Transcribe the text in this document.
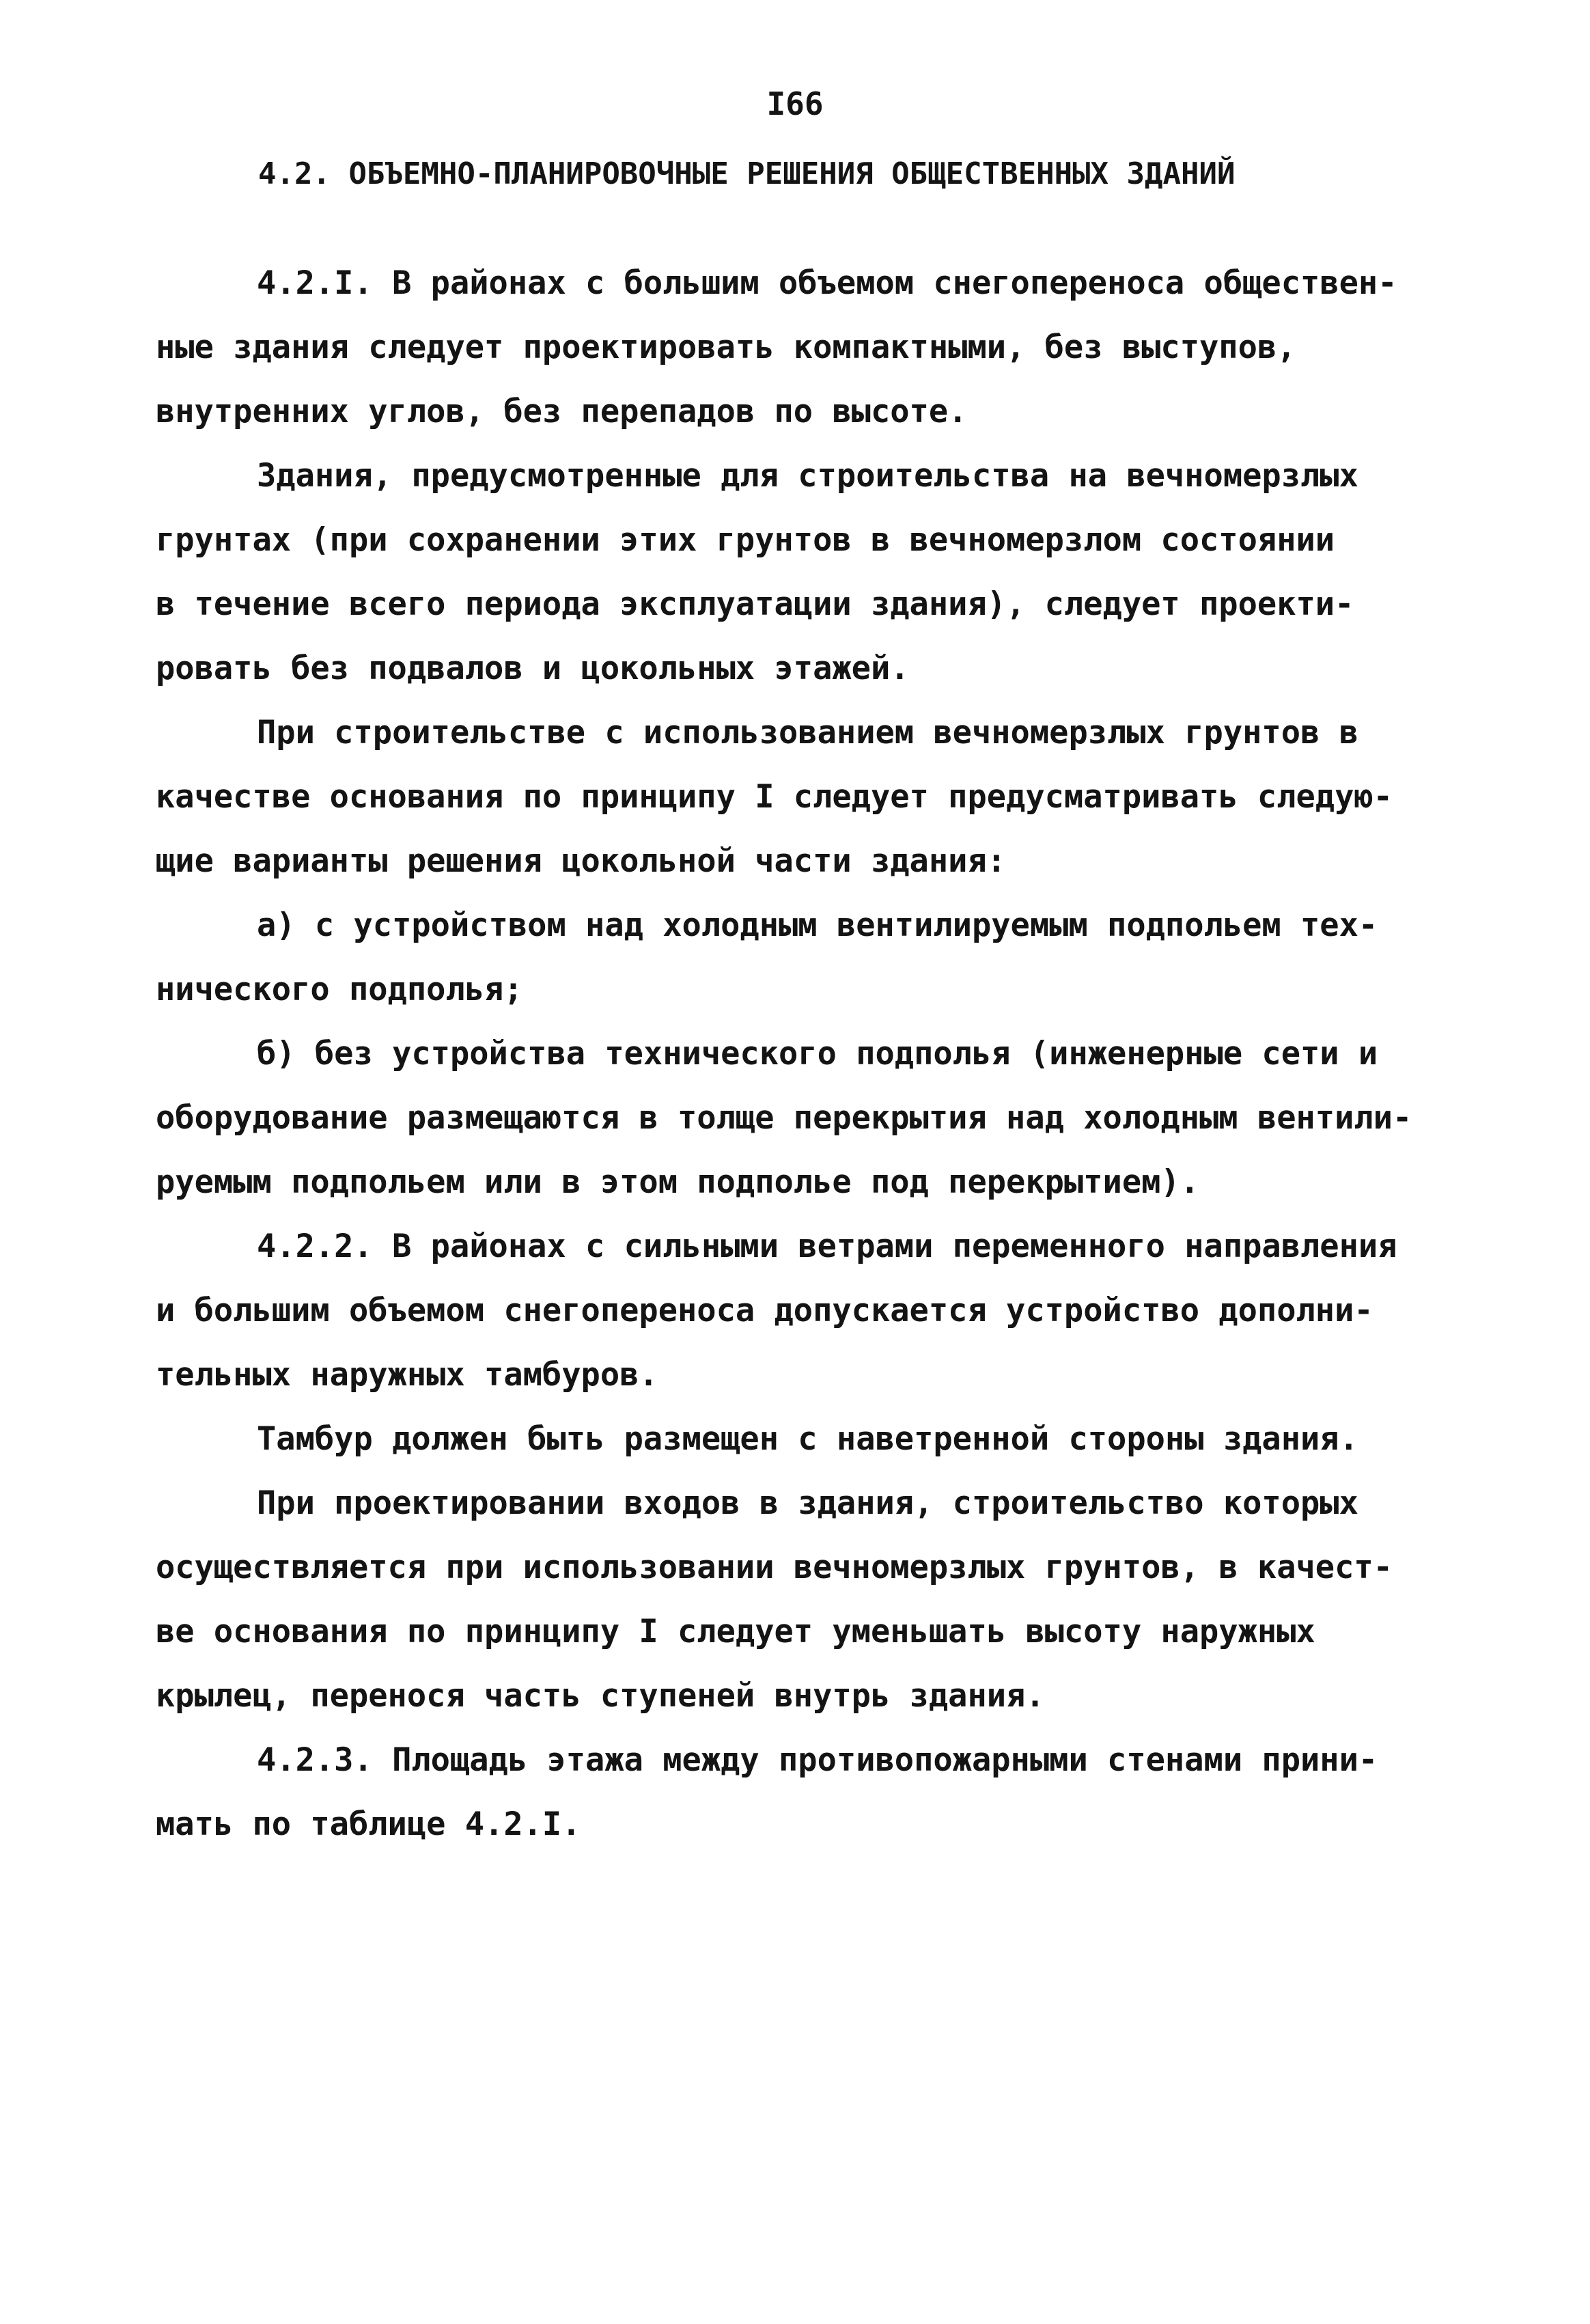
I66
4.2. ОБЪЕМНО-ПЛАНИРОВОЧНЫЕ РЕШЕНИЯ ОБЩЕСТВЕННЫХ ЗДАНИЙ
4.2.I. В районах с большим объемом снегопереноса обществен-
ные здания следует проектировать компактными, без выступов,
внутренних углов, без перепадов по высоте.
Здания, предусмотренные для строительства на вечномерзлых
грунтах (при сохранении этих грунтов в вечномерзлом состоянии
в течение всего периода эксплуатации здания), следует проекти-
ровать без подвалов и цокольных этажей.
При строительстве с использованием вечномерзлых грунтов в
качестве основания по принципу I следует предусматривать следую-
щие варианты решения цокольной части здания:
а) с устройством над холодным вентилируемым подпольем тех-
нического подполья;
б) без устройства технического подполья (инженерные сети и
оборудование размещаются в толще перекрытия над холодным вентили-
руемым подпольем или в этом подполье под перекрытием).
4.2.2. В районах с сильными ветрами переменного направления
и большим объемом снегопереноса допускается устройство дополни-
тельных наружных тамбуров.
Тамбур должен быть размещен с наветренной стороны здания.
При проектировании входов в здания, строительство которых
осуществляется при использовании вечномерзлых грунтов, в качест-
ве основания по принципу I следует уменьшать высоту наружных
крылец, перенося часть ступеней внутрь здания.
4.2.3. Площадь этажа между противопожарными стенами прини-
мать по таблице 4.2.I.
